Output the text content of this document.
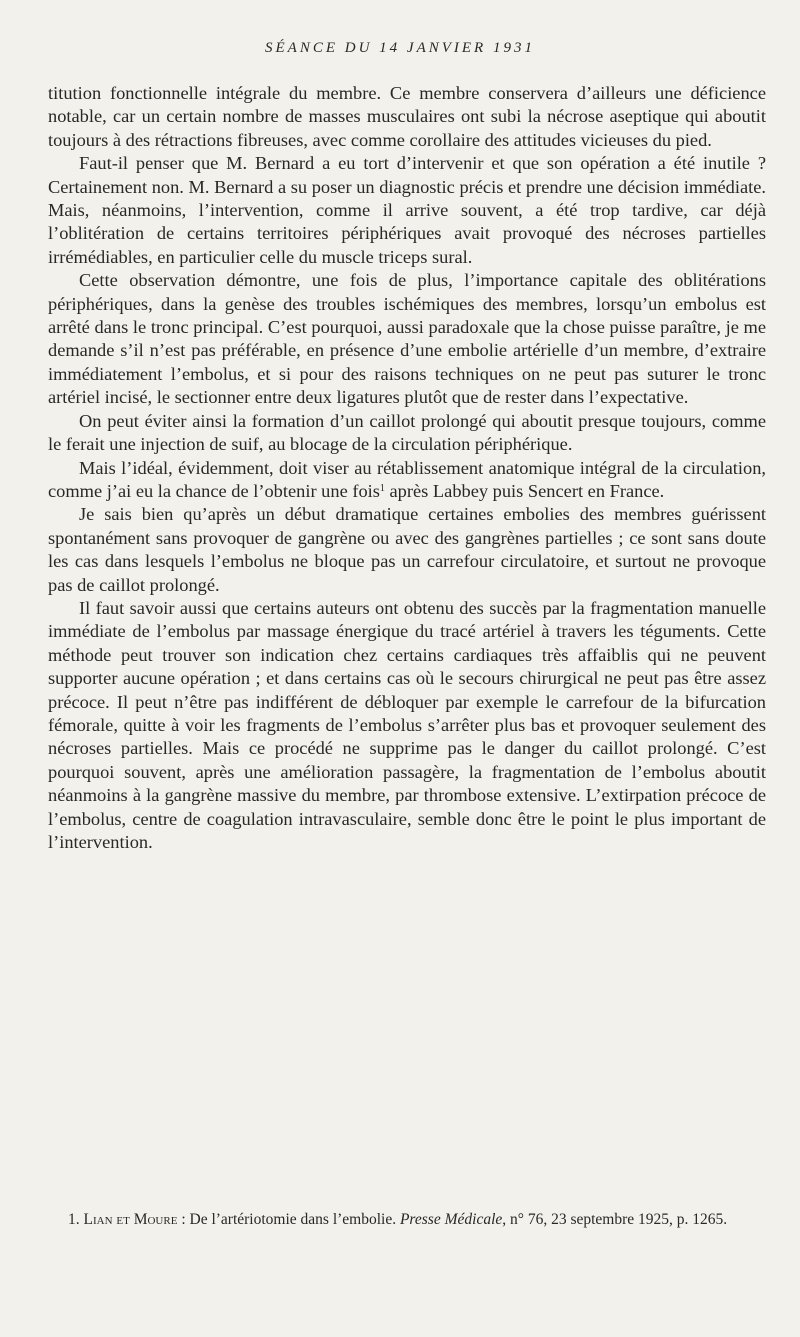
SÉANCE DU 14 JANVIER 1931

titution fonctionnelle intégrale du membre. Ce membre conservera d’ailleurs une déficience notable, car un certain nombre de masses musculaires ont subi la nécrose aseptique qui aboutit toujours à des rétractions fibreuses, avec comme corollaire des attitudes vicieuses du pied.

Faut-il penser que M. Bernard a eu tort d’intervenir et que son opération a été inutile ? Certainement non. M. Bernard a su poser un diagnostic précis et prendre une décision immédiate. Mais, néanmoins, l’intervention, comme il arrive souvent, a été trop tardive, car déjà l’oblitération de certains territoires périphériques avait provoqué des nécroses partielles irrémédiables, en particulier celle du muscle triceps sural.

Cette observation démontre, une fois de plus, l’importance capitale des oblitérations périphériques, dans la genèse des troubles ischémiques des membres, lorsqu’un embolus est arrêté dans le tronc principal. C’est pourquoi, aussi paradoxale que la chose puisse paraître, je me demande s’il n’est pas préférable, en présence d’une embolie artérielle d’un membre, d’extraire immédiatement l’embolus, et si pour des raisons techniques on ne peut pas suturer le tronc artériel incisé, le sectionner entre deux ligatures plutôt que de rester dans l’expectative.

On peut éviter ainsi la formation d’un caillot prolongé qui aboutit presque toujours, comme le ferait une injection de suif, au blocage de la circulation périphérique.

Mais l’idéal, évidemment, doit viser au rétablissement anatomique intégral de la circulation, comme j’ai eu la chance de l’obtenir une fois$^1$ après Labbey puis Sencert en France.

Je sais bien qu’après un début dramatique certaines embolies des membres guérissent spontanément sans provoquer de gangrène ou avec des gangrènes partielles ; ce sont sans doute les cas dans lesquels l’embolus ne bloque pas un carrefour circulatoire, et surtout ne provoque pas de caillot prolongé.

Il faut savoir aussi que certains auteurs ont obtenu des succès par la fragmentation manuelle immédiate de l’embolus par massage énergique du tracé artériel à travers les téguments. Cette méthode peut trouver son indication chez certains cardiaques très affaiblis qui ne peuvent supporter aucune opération ; et dans certains cas où le secours chirurgical ne peut pas être assez précoce. Il peut n’être pas indifférent de débloquer par exemple le carrefour de la bifurcation fémorale, quitte à voir les fragments de l’embolus s’arrêter plus bas et provoquer seulement des nécroses partielles. Mais ce procédé ne supprime pas le danger du caillot prolongé. C’est pourquoi souvent, après une amélioration passagère, la fragmentation de l’embolus aboutit néanmoins à la gangrène massive du membre, par thrombose extensive. L’extirpation précoce de l’embolus, centre de coagulation intravasculaire, semble donc être le point le plus important de l’intervention.

1. Lian et Moure : De l’artériotomie dans l’embolie. Presse Médicale, n° 76, 23 septembre 1925, p. 1265.
